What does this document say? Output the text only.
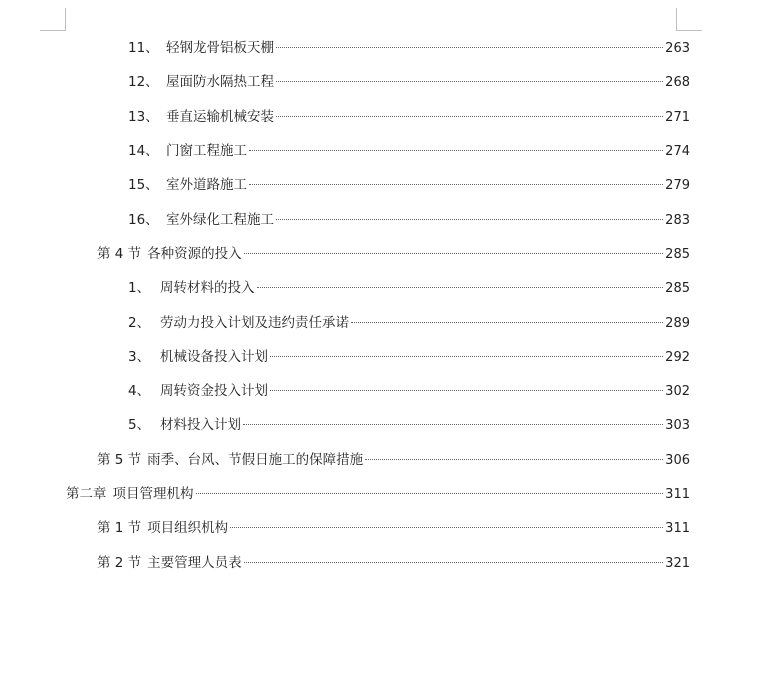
11、 轻钢龙骨铝板天棚	263
12、 屋面防水隔热工程	268
13、 垂直运输机械安装	271
14、 门窗工程施工	274
15、 室外道路施工	279
16、 室外绿化工程施工	283
第 4 节 各种资源的投入	285
1、 周转材料的投入	285
2、 劳动力投入计划及违约责任承诺	289
3、 机械设备投入计划	292
4、 周转资金投入计划	302
5、 材料投入计划	303
第 5 节 雨季、台风、节假日施工的保障措施	306
第二章 项目管理机构	311
第 1 节 项目组织机构	311
第 2 节 主要管理人员表	321
